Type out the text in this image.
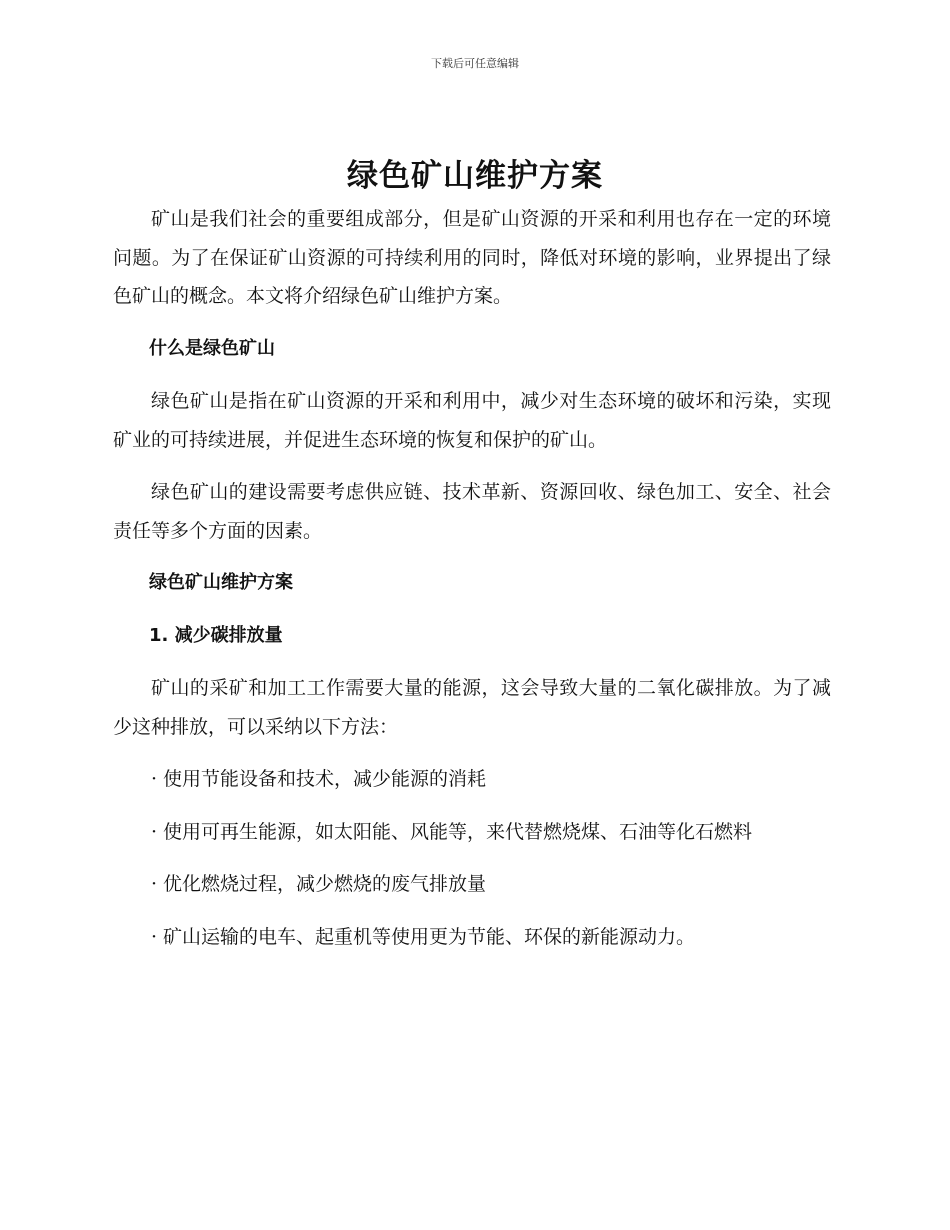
下载后可任意编辑
绿色矿山维护方案

矿山是我们社会的重要组成部分，但是矿山资源的开采和利用也存在一定的环境问题。为了在保证矿山资源的可持续利用的同时，降低对环境的影响，业界提出了绿色矿山的概念。本文将介绍绿色矿山维护方案。

什么是绿色矿山

绿色矿山是指在矿山资源的开采和利用中，减少对生态环境的破坏和污染，实现矿业的可持续进展，并促进生态环境的恢复和保护的矿山。

绿色矿山的建设需要考虑供应链、技术革新、资源回收、绿色加工、安全、社会责任等多个方面的因素。

绿色矿山维护方案

1. 减少碳排放量

矿山的采矿和加工工作需要大量的能源，这会导致大量的二氧化碳排放。为了减少这种排放，可以采纳以下方法：

· 使用节能设备和技术，减少能源的消耗

· 使用可再生能源，如太阳能、风能等，来代替燃烧煤、石油等化石燃料

· 优化燃烧过程，减少燃烧的废气排放量

· 矿山运输的电车、起重机等使用更为节能、环保的新能源动力。
